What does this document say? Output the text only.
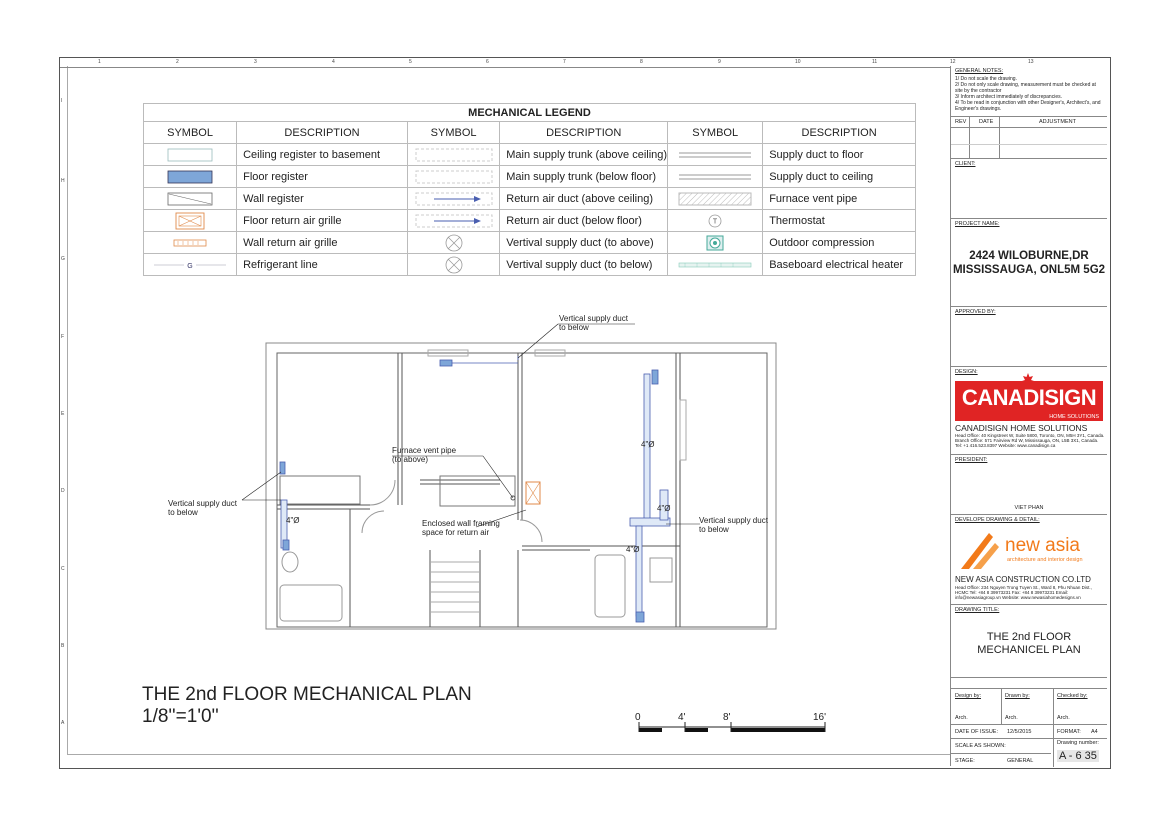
1	2	3	4	5	6	7	8	9	10	11	12	13
I
H
G
F
E
D
C
B
A
MECHANICAL LEGEND					
SYMBOL	DESCRIPTION	SYMBOL	DESCRIPTION	SYMBOL	DESCRIPTION

	Ceiling register to basement		Main supply trunk (above ceiling)		Supply duct to floor

	Floor register		Main supply trunk (below floor)		Supply duct to ceiling

	Wall register		Return air duct (above ceiling)		Furnace vent pipe

	Floor return air grille		Return air duct (below floor)	T	Thermostat

	Wall return air grille		Vertival supply duct (to above)		Outdoor compression

G	Refrigerant line		Vertival supply duct (to below)		Baseboard electrical heater
Vertical supply duct
to below
Furnace vent pipe
(to above)
Enclosed wall framing
space for return air
Vertical supply duct
to below
Vertical supply duct
to below
4"Ø
4"Ø
4"Ø
4"Ø
THE 2nd FLOOR MECHANICAL PLAN
1/8''=1'0''	0	4'	8'	16'
GENERAL NOTES:
1/ Do not scale the drawing.
2/ Do not only scale drawing, measurement must be checked at site by the contractor
3/ Inform architect immediately of discrepancies.
4/ To be read in conjunction with other Designer's, Architect's, and Engineer's drawings.
REV DATE	ADJUSTMENT
CLIENT:
PROJECT NAME:
2424 WILOBURNE,DR
MISSISSAUGA, ONL5M 5G2
APPROVED BY:
DESIGN:
CANADISIGN
HOME SOLUTIONS
CANADISIGN HOME SOLUTIONS
Head Office: 40 Kingstreet W, Suite 5800, Toronto, ON, M5H 3Y1, Canada. Branch Office: 571 Fairview Rd W, Mississauga, ON, L5B 3X1, Canada. Tel: +1 416.523.8397 Website: www.canadisign.ca
PRESIDENT:
VIET PHAN
DEVELOPE DRAWING & DETAIL:
new asia
architecture and interior design
NEW ASIA CONSTRUCTION CO.LTD
Head Office: 234 Nguyen Trong Tuyen St., Ward 8, Phu Nhuan Dist., HCMC Tel: +84 8 39973231 Fax: +84 8 39973231 Email: info@newasiagroup.vn Website: www.newasiahomedesigns.vn
DRAWING TITLE:
THE 2nd FLOOR
MECHANICEL PLAN
Design by:	Drawn by:	Checked by:
Arch.	Arch.	Arch.
DATE OF ISSUE: 12/5/2015	FORMAT: A4
SCALE AS SHOWN:	Drawing number:
A - 6 35
STAGE:	GENERAL
